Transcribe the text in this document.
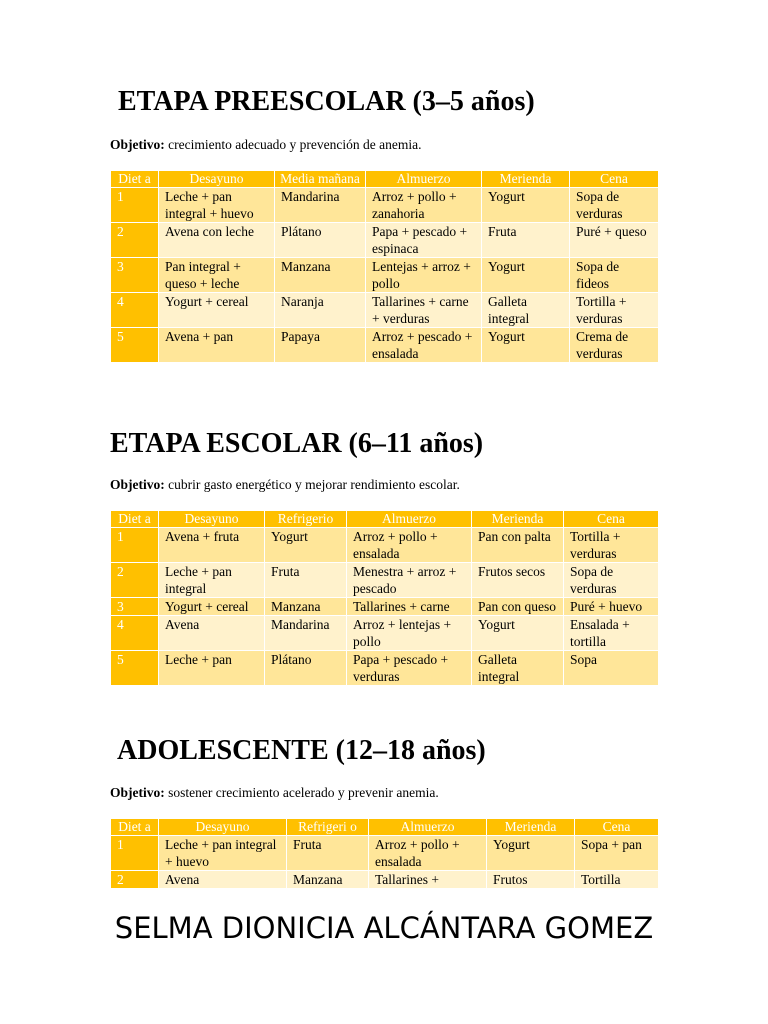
ETAPA PREESCOLAR (3–5 años)

Objetivo: crecimiento adecuado y prevención de anemia.

Diet a	Desayuno	Media mañana	Almuerzo	Merienda	Cena
1	Leche + pan integral + huevo	Mandarina	Arroz + pollo + zanahoria	Yogurt	Sopa de verduras
2	Avena con leche	Plátano	Papa + pescado + espinaca	Fruta	Puré + queso
3	Pan integral + queso + leche	Manzana	Lentejas + arroz + pollo	Yogurt	Sopa de fideos
4	Yogurt + cereal	Naranja	Tallarines + carne + verduras	Galleta integral	Tortilla + verduras
5	Avena + pan	Papaya	Arroz + pescado + ensalada	Yogurt	Crema de verduras
ETAPA ESCOLAR (6–11 años)

Objetivo: cubrir gasto energético y mejorar rendimiento escolar.

Diet a	Desayuno	Refrigerio	Almuerzo	Merienda	Cena
1	Avena + fruta	Yogurt	Arroz + pollo + ensalada	Pan con palta	Tortilla + verduras
2	Leche + pan integral	Fruta	Menestra + arroz + pescado	Frutos secos	Sopa de verduras
3	Yogurt + cereal	Manzana	Tallarines + carne	Pan con queso	Puré + huevo
4	Avena	Mandarina	Arroz + lentejas + pollo	Yogurt	Ensalada + tortilla
5	Leche + pan	Plátano	Papa + pescado + verduras	Galleta integral	Sopa
ADOLESCENTE (12–18 años)

Objetivo: sostener crecimiento acelerado y prevenir anemia.

Diet a	Desayuno	Refrigeri o	Almuerzo	Merienda	Cena
1	Leche + pan integral + huevo	Fruta	Arroz + pollo + ensalada	Yogurt	Sopa + pan
2	Avena	Manzana	Tallarines +	Frutos	Tortilla
SELMA DIONICIA ALCÁNTARA GOMEZ
